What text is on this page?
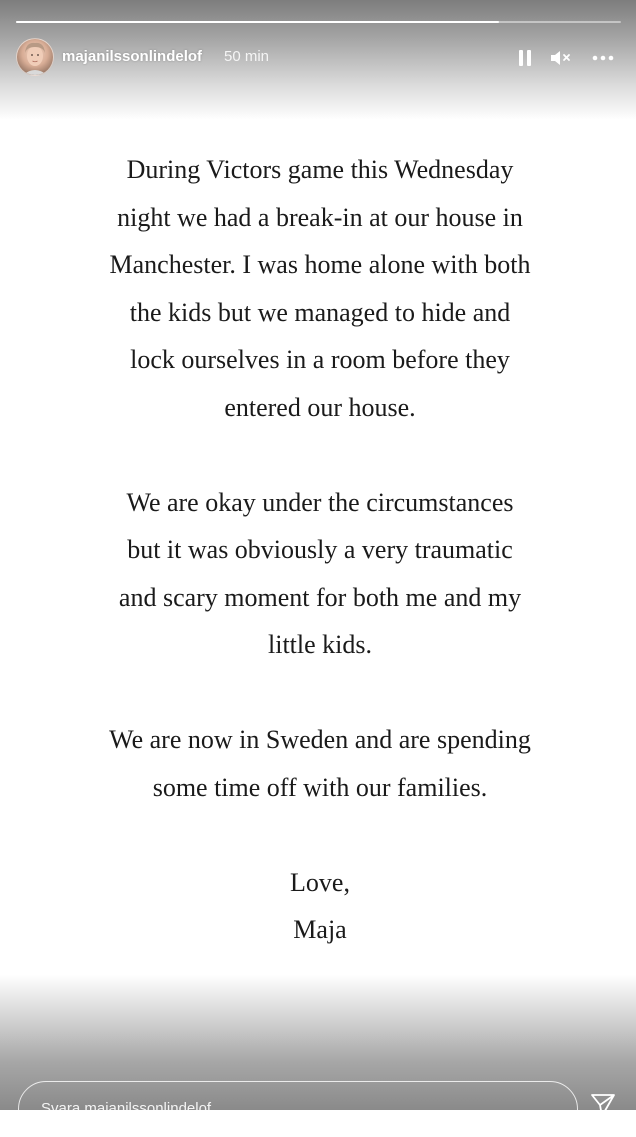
majanilssonlindelof 50 min

During Victors game this Wednesday

night we had a break-in at our house in

Manchester. I was home alone with both

the kids but we managed to hide and

lock ourselves in a room before they

entered our house.

We are okay under the circumstances

but it was obviously a very traumatic

and scary moment for both me and my

little kids.

We are now in Sweden and are spending

some time off with our families.

Love,

Maja

Svara majanilssonlindelof
